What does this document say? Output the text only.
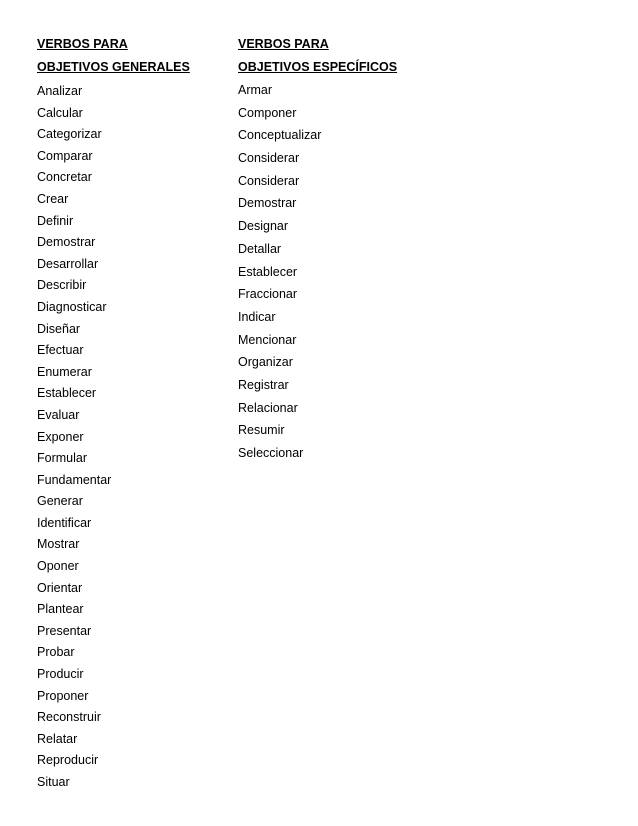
VERBOS PARA
OBJETIVOS GENERALES
Analizar
Calcular
Categorizar
Comparar
Concretar
Crear
Definir
Demostrar
Desarrollar
Describir
Diagnosticar
Diseñar
Efectuar
Enumerar
Establecer
Evaluar
Exponer
Formular
Fundamentar
Generar
Identificar
Mostrar
Oponer
Orientar
Plantear
Presentar
Probar
Producir
Proponer
Reconstruir
Relatar
Reproducir
Situar
VERBOS PARA
OBJETIVOS ESPECÍFICOS
Armar
Componer
Conceptualizar
Considerar
Considerar
Demostrar
Designar
Detallar
Establecer
Fraccionar
Indicar
Mencionar
Organizar
Registrar
Relacionar
Resumir
Seleccionar
